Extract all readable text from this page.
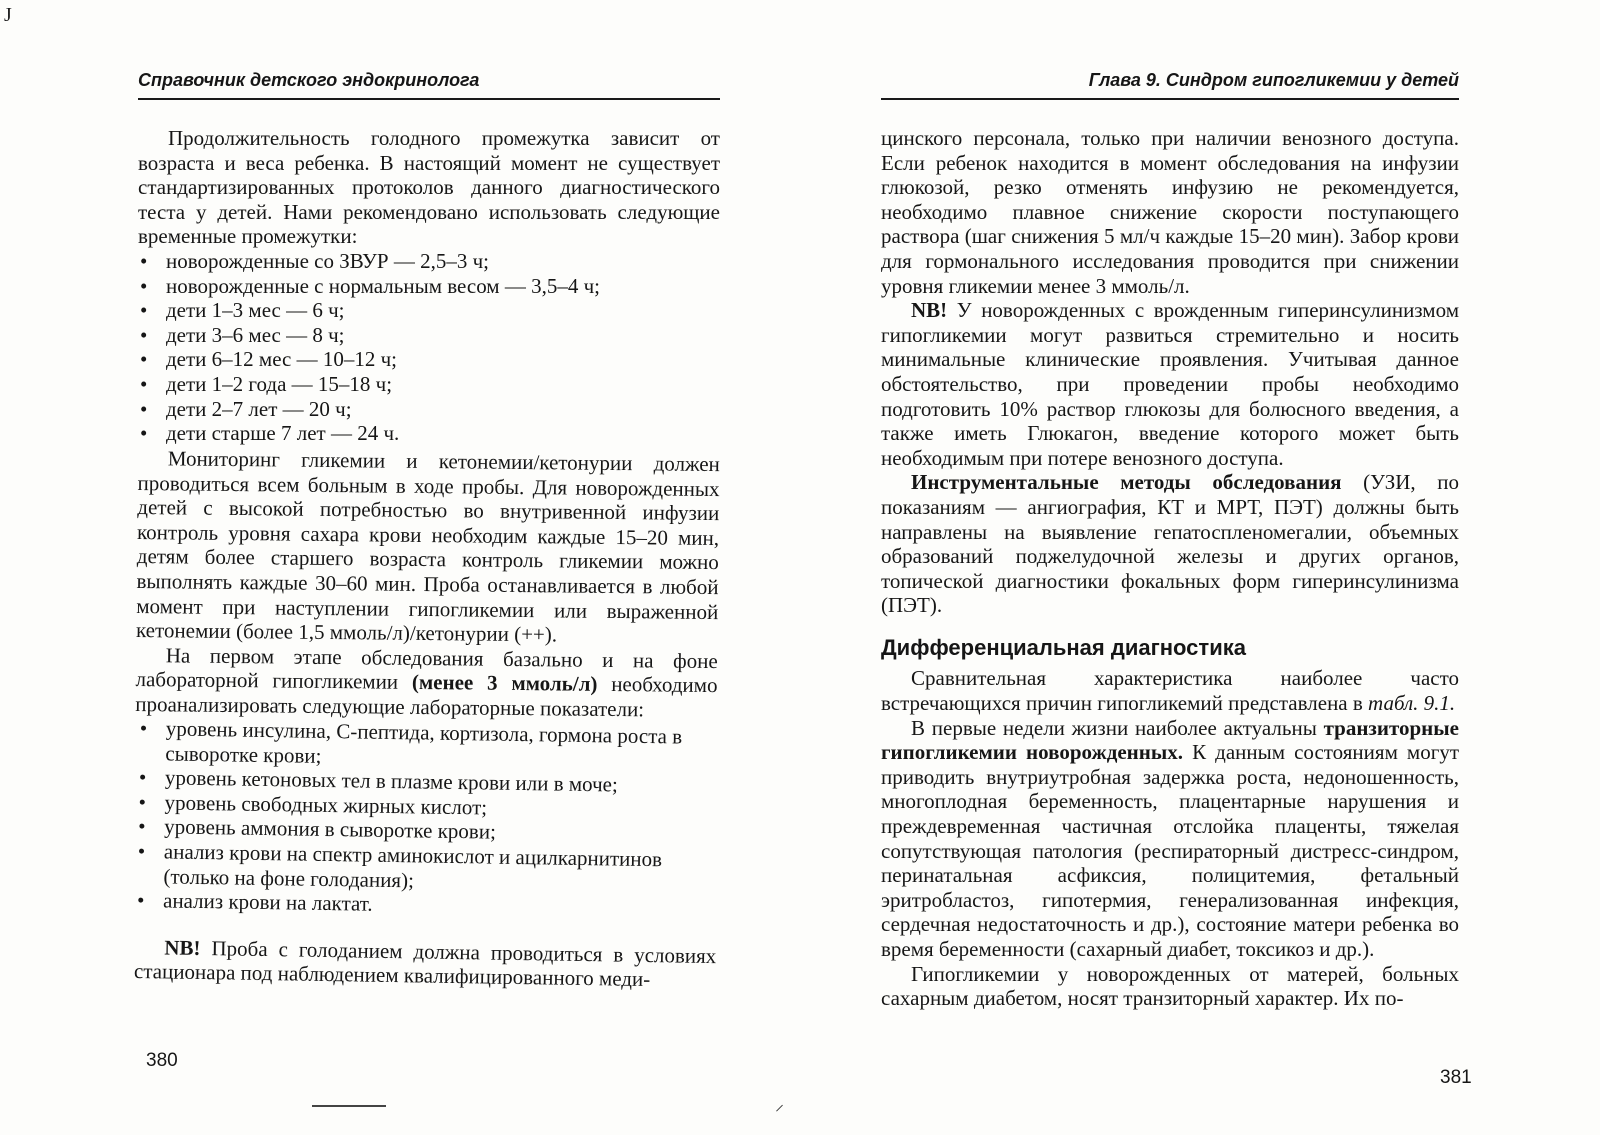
J
Справочник детского эндокринолога

Продолжительность голодного промежутка зависит от возраста и веса ребенка. В настоящий момент не существует стандартизированных протоколов данного диагностического теста у детей. Нами рекомендовано использовать следующие временные промежутки:

• новорожденные со ЗВУР — 2,5–3 ч;
• новорожденные с нормальным весом — 3,5–4 ч;
• дети 1–3 мес — 6 ч;
• дети 3–6 мес — 8 ч;
• дети 6–12 мес — 10–12 ч;
• дети 1–2 года — 15–18 ч;
• дети 2–7 лет — 20 ч;
• дети старше 7 лет — 24 ч.

Мониторинг гликемии и кетонемии/кетонурии должен проводиться всем больным в ходе пробы. Для новорожденных детей с высокой потребностью во внутривенной инфузии контроль уровня сахара крови необходим каждые 15–20 мин, детям более старшего возраста контроль гликемии можно выполнять каждые 30–60 мин. Проба останавливается в любой момент при наступлении гипогликемии или выраженной кетонемии (более 1,5 ммоль/л)/кетонурии (++).

На первом этапе обследования базально и на фоне лабораторной гипогликемии (менее 3 ммоль/л) необходимо проанализировать следующие лабораторные показатели:

• уровень инсулина, С-пептида, кортизола, гормона роста в сыворотке крови;
• уровень кетоновых тел в плазме крови или в моче;
• уровень свободных жирных кислот;
• уровень аммония в сыворотке крови;
• анализ крови на спектр аминокислот и ацилкарнитинов (только на фоне голодания);
• анализ крови на лактат.

NB! Проба с голоданием должна проводиться в условиях стационара под наблюдением квалифицированного меди-

380
⸝
Глава 9. Синдром гипогликемии у детей

цинского персонала, только при наличии венозного доступа. Если ребенок находится в момент обследования на инфузии глюкозой, резко отменять инфузию не рекомендуется, необходимо плавное снижение скорости поступающего раствора (шаг снижения 5 мл/ч каждые 15–20 мин). Забор крови для гормонального исследования проводится при снижении уровня гликемии менее 3 ммоль/л.

NB! У новорожденных с врожденным гиперинсулинизмом гипогликемии могут развиться стремительно и носить минимальные клинические проявления. Учитывая данное обстоятельство, при проведении пробы необходимо подготовить 10% раствор глюкозы для болюсного введения, а также иметь Глюкагон, введение которого может быть необходимым при потере венозного доступа.

Инструментальные методы обследования (УЗИ, по показаниям — ангиография, КТ и МРТ, ПЭТ) должны быть направлены на выявление гепатоспленомегалии, объемных образований поджелудочной железы и других органов, топической диагностики фокальных форм гиперинсулинизма (ПЭТ).

Дифференциальная диагностика

Сравнительная характеристика наиболее часто встречающихся причин гипогликемий представлена в табл. 9.1.

В первые недели жизни наиболее актуальны транзиторные гипогликемии новорожденных. К данным состояниям могут приводить внутриутробная задержка роста, недоношенность, многоплодная беременность, плацентарные нарушения и преждевременная частичная отслойка плаценты, тяжелая сопутствующая патология (респираторный дистресс-синдром, перинатальная асфиксия, полицитемия, фетальный эритробластоз, гипотермия, генерализованная инфекция, сердечная недостаточность и др.), состояние матери ребенка во время беременности (сахарный диабет, токсикоз и др.).

Гипогликемии у новорожденных от матерей, больных сахарным диабетом, носят транзиторный характер. Их по-

381
